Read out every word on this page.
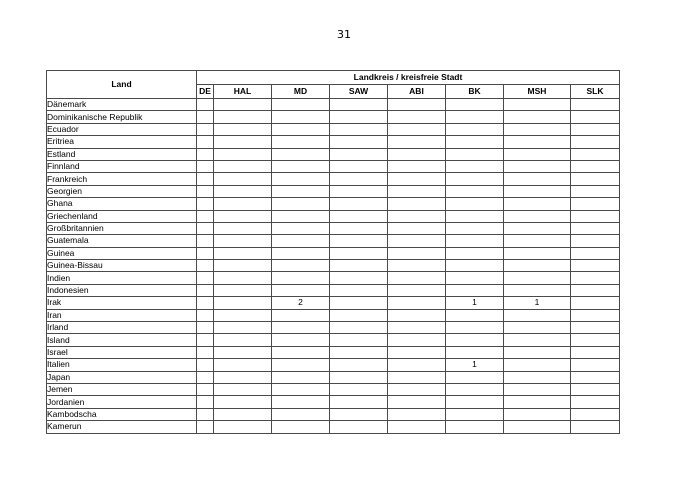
31
Land	Landkreis / kreisfreie Stadt							
	DE	HAL	MD	SAW	ABI	BK	MSH	SLK
Dänemark								
Dominikanische Republik								
Ecuador								
Eritriea								
Estland								
Finnland								
Frankreich								
Georgien								
Ghana								
Griechenland								
Großbritannien								
Guatemala								
Guinea								
Guinea-Bissau								
Indien								
Indonesien								
Irak			2			1	1	
Iran								
Irland								
Island								
Israel								
Italien						1		
Japan								
Jemen								
Jordanien								
Kambodscha								
Kamerun								
